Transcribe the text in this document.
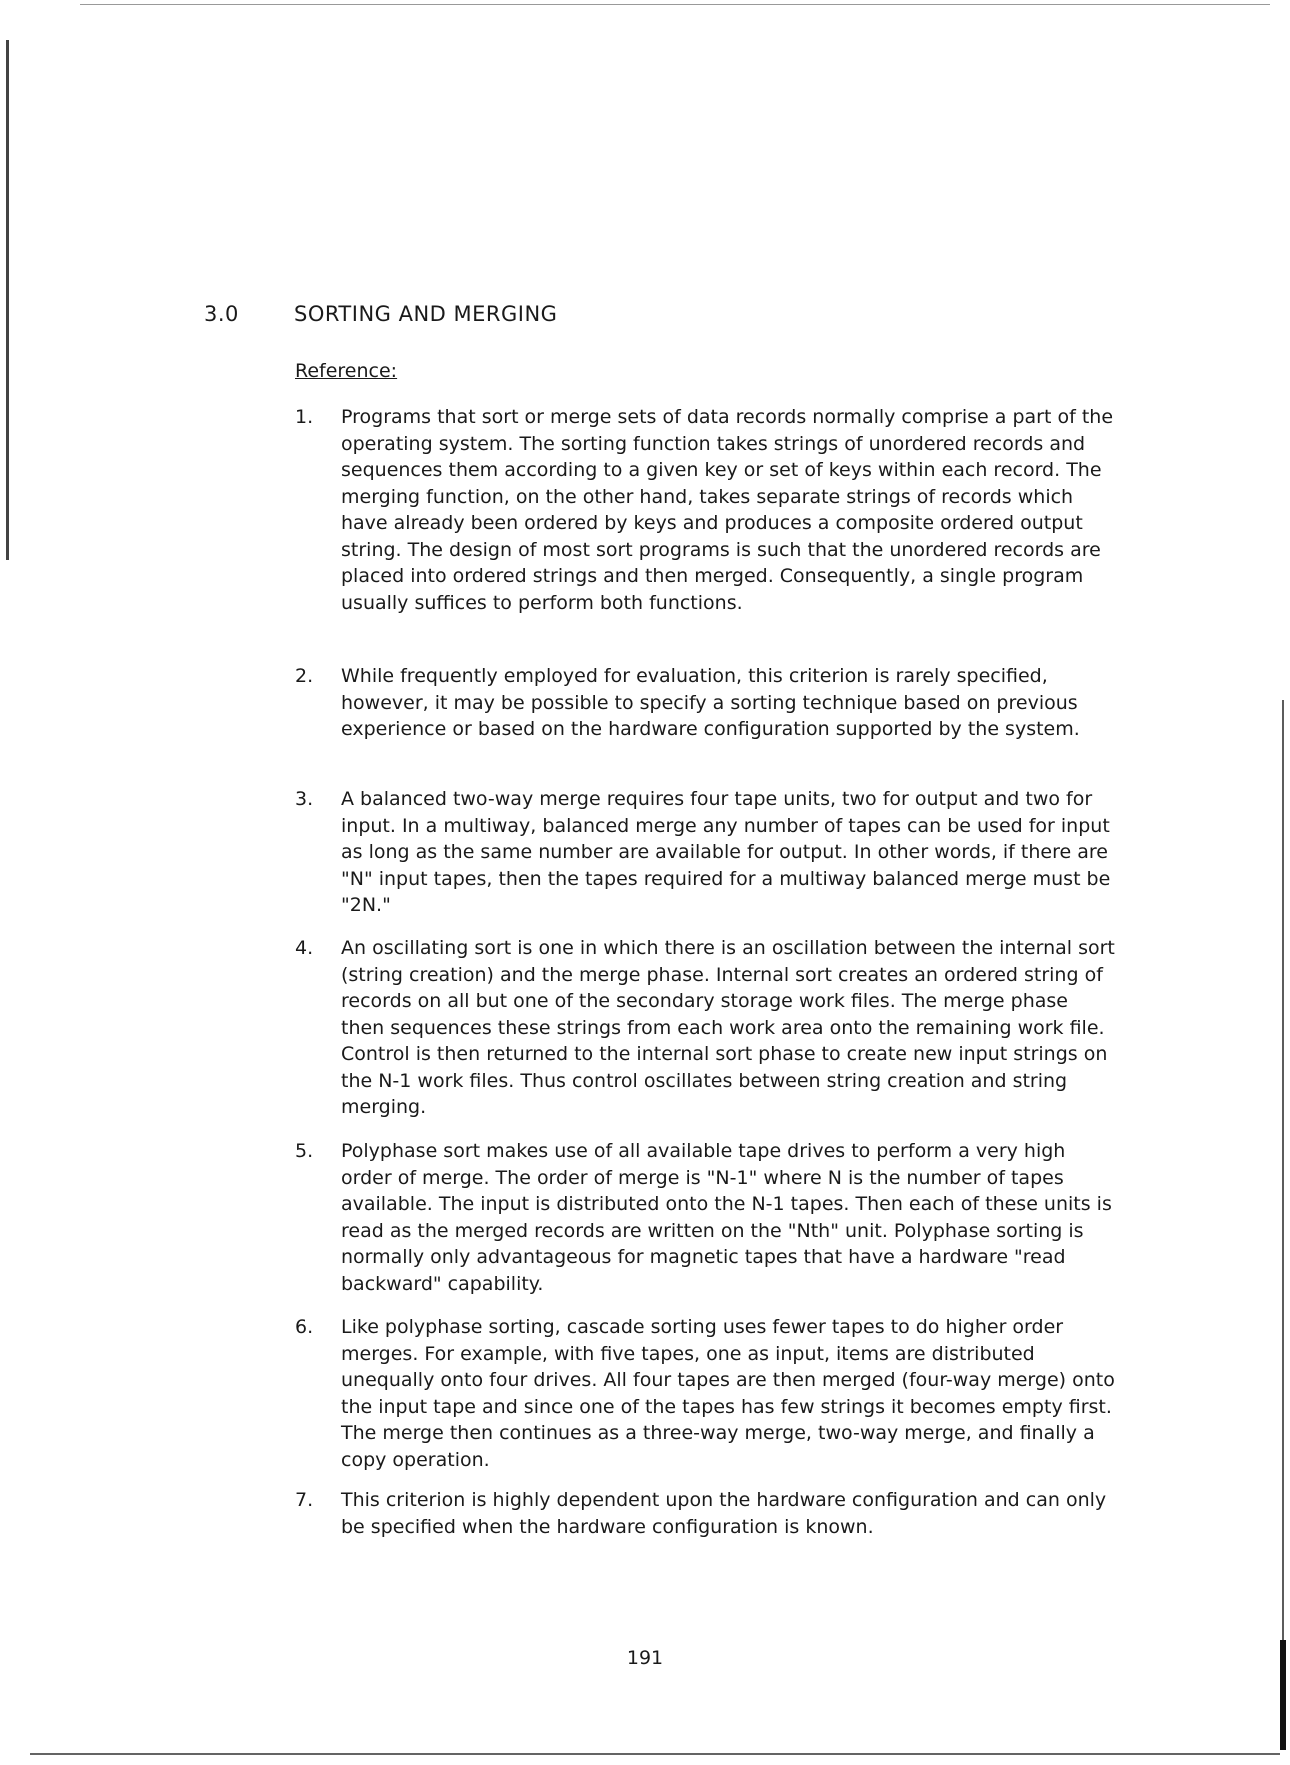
3.0	SORTING AND MERGING
Reference:
1.	Programs that sort or merge sets of data records normally comprise a part of the operating system. The sorting function takes strings of unordered records and sequences them according to a given key or set of keys within each record. The merging function, on the other hand, takes separate strings of records which have already been ordered by keys and produces a composite ordered output string. The design of most sort programs is such that the unordered records are placed into ordered strings and then merged. Consequently, a single program usually suffices to perform both functions.
2.	While frequently employed for evaluation, this criterion is rarely specified, however, it may be possible to specify a sorting technique based on previous experience or based on the hardware configuration supported by the system.
3.	A balanced two-way merge requires four tape units, two for output and two for input. In a multiway, balanced merge any number of tapes can be used for input as long as the same number are available for output. In other words, if there are "N" input tapes, then the tapes required for a multiway balanced merge must be "2N."
4.	An oscillating sort is one in which there is an oscillation between the internal sort (string creation) and the merge phase. Internal sort creates an ordered string of records on all but one of the secondary storage work files. The merge phase then sequences these strings from each work area onto the remaining work file. Control is then returned to the internal sort phase to create new input strings on the N-1 work files. Thus control oscillates between string creation and string merging.
5.	Polyphase sort makes use of all available tape drives to perform a very high order of merge. The order of merge is "N-1" where N is the number of tapes available. The input is distributed onto the N-1 tapes. Then each of these units is read as the merged records are written on the "Nth" unit. Polyphase sorting is normally only advantageous for magnetic tapes that have a hardware "read backward" capability.
6.	Like polyphase sorting, cascade sorting uses fewer tapes to do higher order merges. For example, with five tapes, one as input, items are distributed unequally onto four drives. All four tapes are then merged (four-way merge) onto the input tape and since one of the tapes has few strings it becomes empty first. The merge then continues as a three-way merge, two-way merge, and finally a copy operation.
7.	This criterion is highly dependent upon the hardware configuration and can only be specified when the hardware configuration is known.
191
